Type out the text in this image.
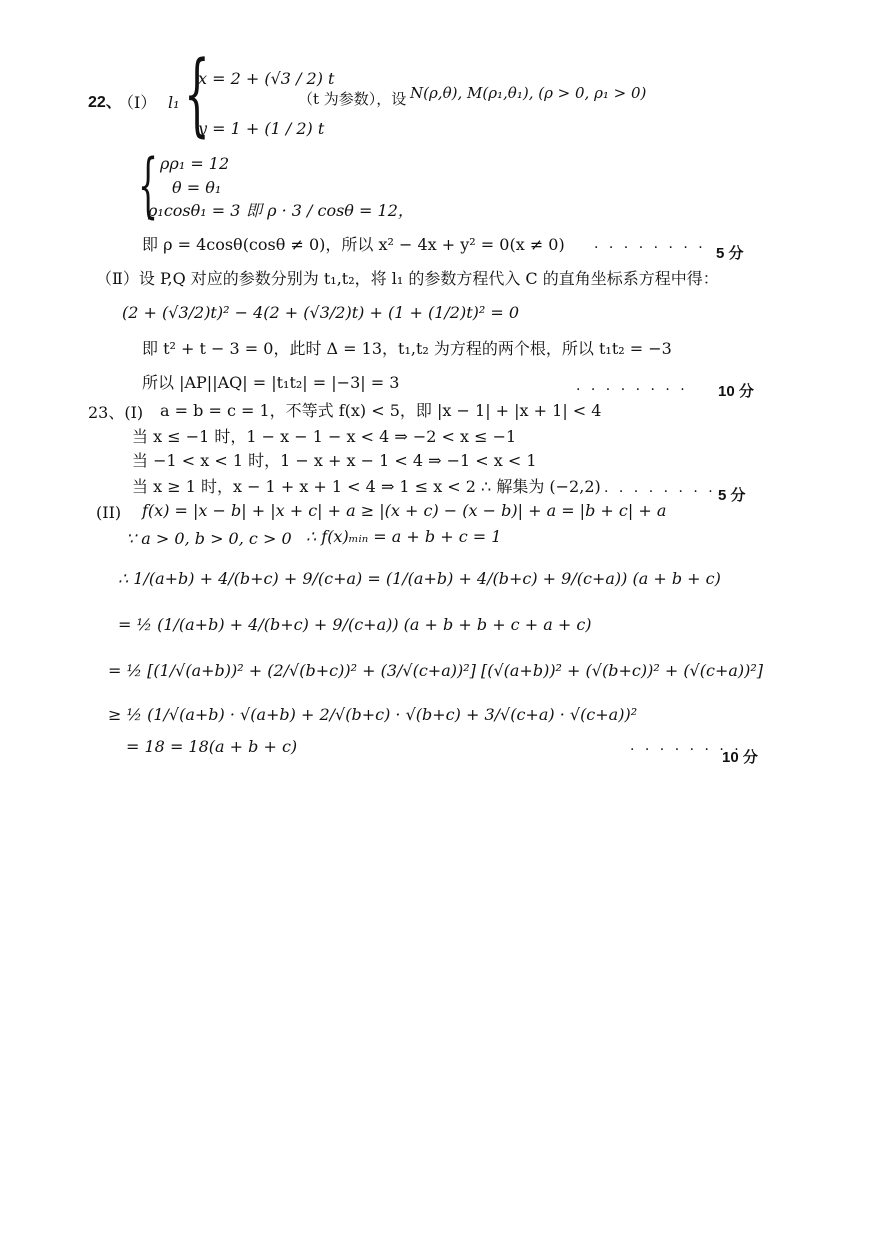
22、
（Ⅰ） l₁ {
x = 2 + (√3 / 2) t
y = 1 + (1 / 2) t
（t 为参数），设 N(ρ,θ), M(ρ₁,θ₁), (ρ > 0, ρ₁ > 0)
{ ρρ₁ = 12
θ = θ₁
ρ₁cosθ₁ = 3 即 ρ · 3 / cosθ = 12，
即 ρ = 4cosθ(cosθ ≠ 0)，所以 x² − 4x + y² = 0(x ≠ 0) · · · · · · · · 5 分
（Ⅱ）设 P,Q 对应的参数分别为 t₁,t₂，将 l₁ 的参数方程代入 C 的直角坐标系方程中得：
(2 + (√3/2)t)² − 4(2 + (√3/2)t) + (1 + (1/2)t)² = 0
即 t² + t − 3 = 0，此时 Δ = 13，t₁,t₂ 为方程的两个根，所以 t₁t₂ = −3
所以 |AP||AQ| = |t₁t₂| = |−3| = 3	· · · · · · · · 10 分
23、(Ⅰ) a = b = c = 1，不等式 f(x) < 5，即 |x − 1| + |x + 1| < 4
当 x ≤ −1 时，1 − x − 1 − x < 4 ⇒ −2 < x ≤ −1
当 −1 < x < 1 时，1 − x + x − 1 < 4 ⇒ −1 < x < 1
当 x ≥ 1 时，x − 1 + x + 1 < 4 ⇒ 1 ≤ x < 2 ∴ 解集为 (−2,2) · · · · · · · · 5 分
(II) f(x) = |x − b| + |x + c| + a ≥ |(x + c) − (x − b)| + a = |b + c| + a
∵ a > 0, b > 0, c > 0 ∴ f(x)ₘᵢₙ = a + b + c = 1
∴ 1/(a+b) + 4/(b+c) + 9/(c+a) = (1/(a+b) + 4/(b+c) + 9/(c+a)) (a + b + c)
= ½ (1/(a+b) + 4/(b+c) + 9/(c+a)) (a + b + b + c + a + c)
= ½ [(1/√(a+b))² + (2/√(b+c))² + (3/√(c+a))²] [(√(a+b))² + (√(b+c))² + (√(c+a))²]
≥ ½ (1/√(a+b) · √(a+b) + 2/√(b+c) · √(b+c) + 3/√(c+a) · √(c+a))²
= 18 = 18(a + b + c)	· · · · · · · ·
10 分
